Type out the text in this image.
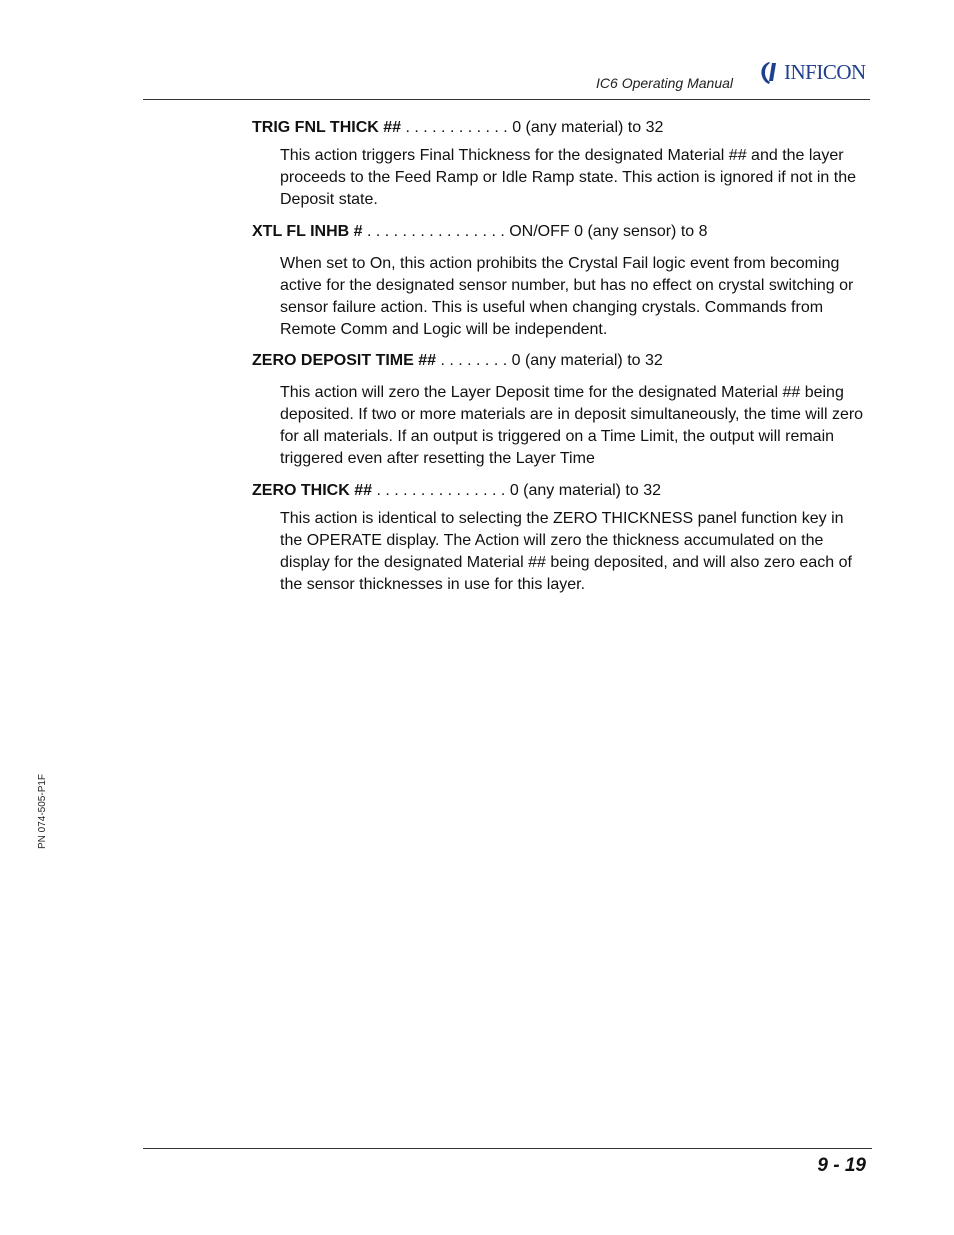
IC6 Operating Manual INFICON
TRIG FNL THICK ## . . . . . . . . . . . . 0 (any material) to 32
This action triggers Final Thickness for the designated Material ## and the layer proceeds to the Feed Ramp or Idle Ramp state. This action is ignored if not in the Deposit state.
XTL FL INHB # . . . . . . . . . . . . . . . . ON/OFF 0 (any sensor) to 8
When set to On, this action prohibits the Crystal Fail logic event from becoming active for the designated sensor number, but has no effect on crystal switching or sensor failure action. This is useful when changing crystals. Commands from Remote Comm and Logic will be independent.
ZERO DEPOSIT TIME ## . . . . . . . . 0 (any material) to 32
This action will zero the Layer Deposit time for the designated Material ## being deposited. If two or more materials are in deposit simultaneously, the time will zero for all materials. If an output is triggered on a Time Limit, the output will remain triggered even after resetting the Layer Time
ZERO THICK ## . . . . . . . . . . . . . . . 0 (any material) to 32
This action is identical to selecting the ZERO THICKNESS panel function key in the OPERATE display. The Action will zero the thickness accumulated on the display for the designated Material ## being deposited, and will also zero each of the sensor thicknesses in use for this layer.
PN 074-505-P1F
9 - 19
